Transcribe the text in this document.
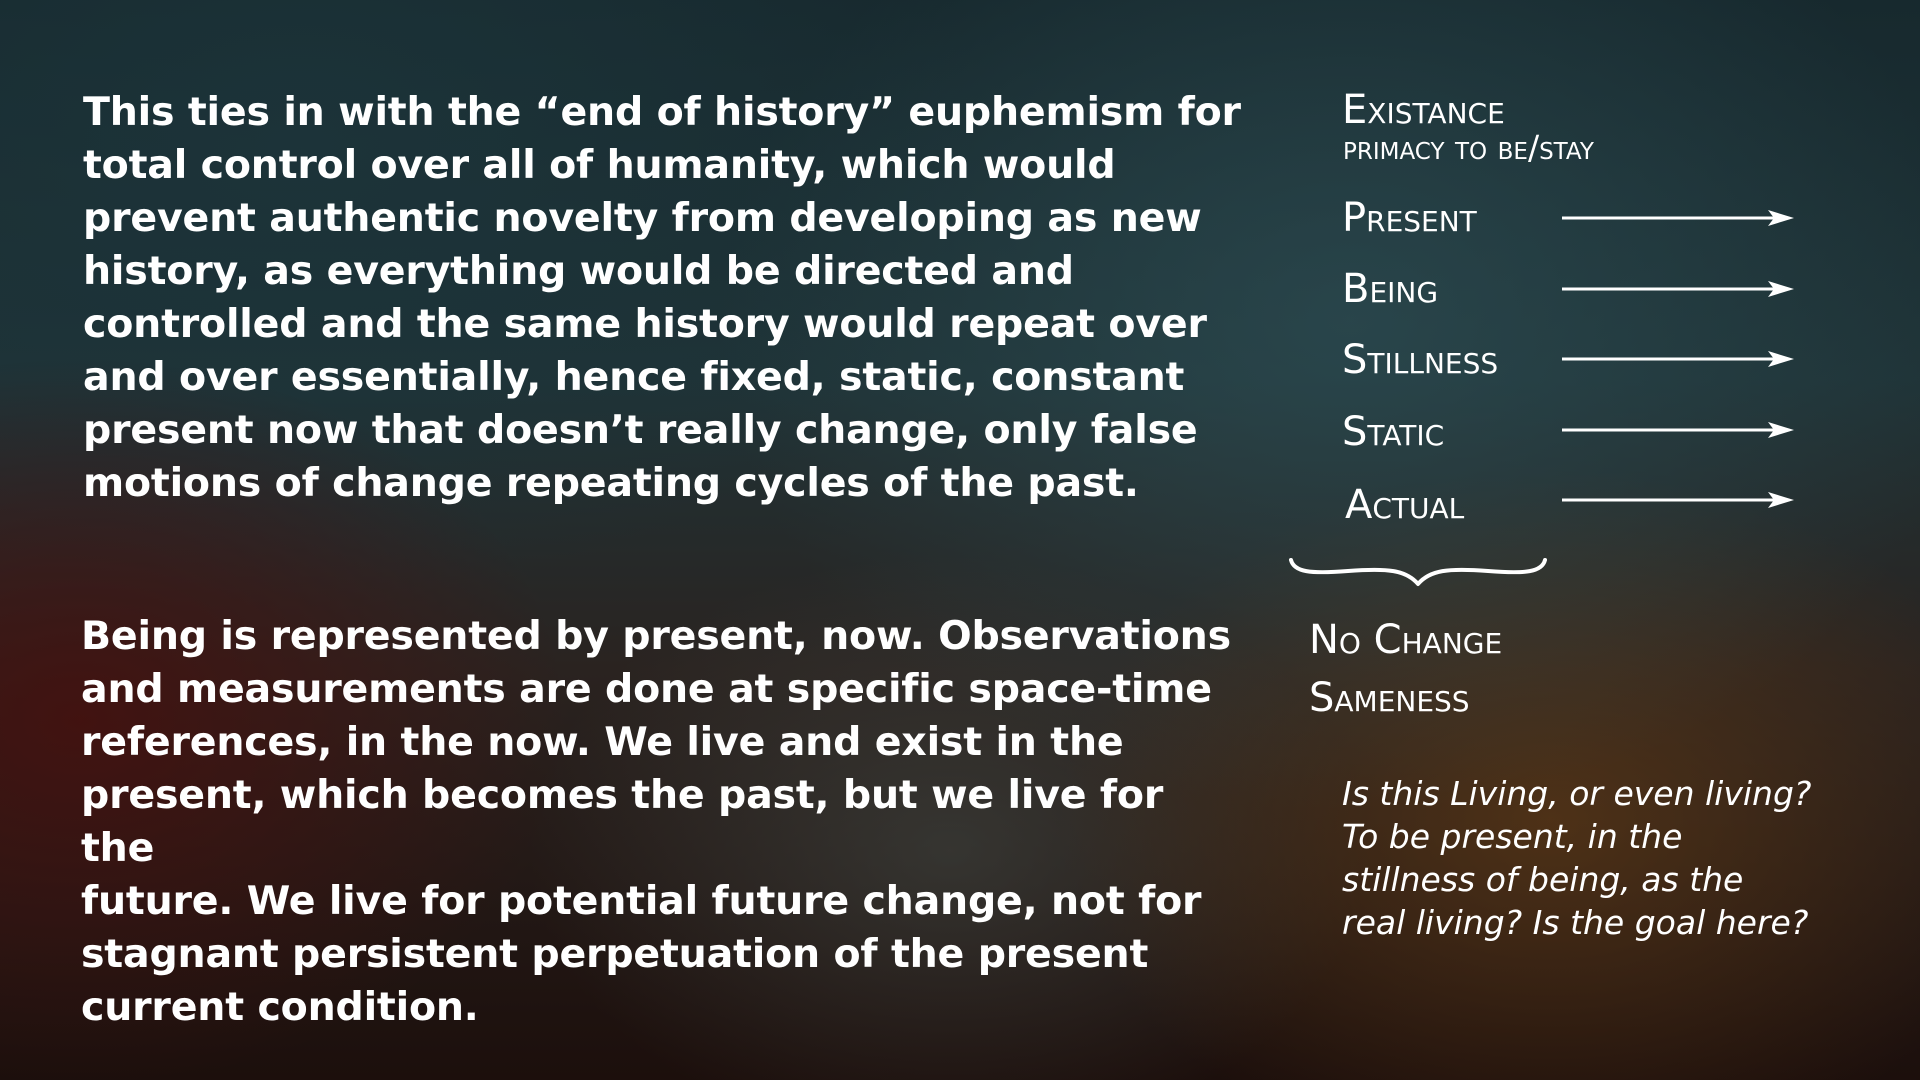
This ties in with the “end of history” euphemism for
total control over all of humanity, which would
prevent authentic novelty from developing as new
history, as everything would be directed and
controlled and the same history would repeat over
and over essentially, hence fixed, static, constant
present now that doesn’t really change, only false
motions of change repeating cycles of the past.

Being is represented by present, now. Observations
and measurements are done at specific space-time
references, in the now. We live and exist in the
present, which becomes the past, but we live for the
future. We live for potential future change, not for
stagnant persistent perpetuation of the present
current condition.

Existance
primacy to be/stay
Present
Being
Stillness
Static
Actual
No Change
Sameness

Is this Living, or even living?
To be present, in the
stillness of being, as the
real living? Is the goal here?
